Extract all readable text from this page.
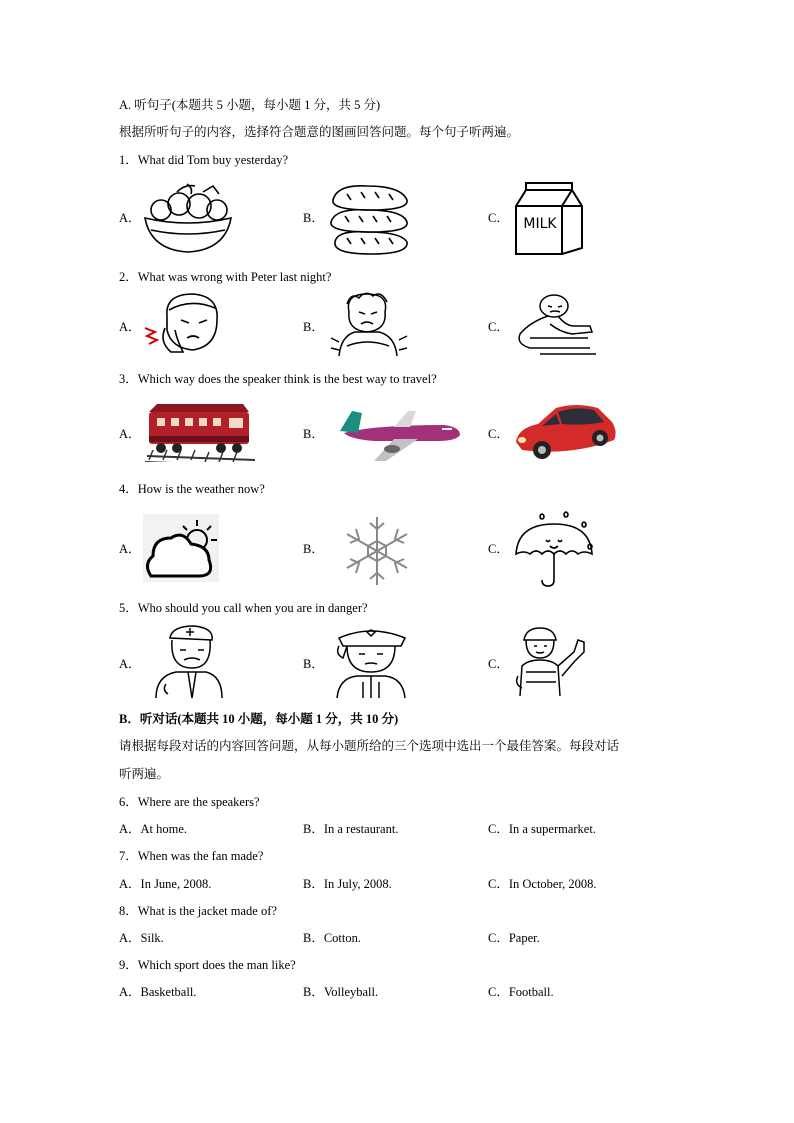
A. 听句子(本题共 5 小题，每小题 1 分，共 5 分)
根据所听句子的内容，选择符合题意的图画回答问题。每个句子听两遍。
1．What did Tom buy yesterday?
A．	B．	C．	MILK
2．What was wrong with Peter last night?
A．	B．	C．
3．Which way does the speaker think is the best way to travel?
A．	B．	C．
4．How is the weather now?
A．	B．	C．
5．Who should you call when you are in danger?
A．	B．	C．
B．听对话(本题共 10 小题，每小题 1 分，共 10 分)
请根据每段对话的内容回答问题，从每小题所给的三个选项中选出一个最佳答案。每段对话
听两遍。
6．Where are the speakers?
A．At home.	B．In a restaurant.	C．In a supermarket.
7．When was the fan made?
A．In June, 2008.	B．In July, 2008.	C．In October, 2008.
8．What is the jacket made of?
A．Silk.	B．Cotton.	C．Paper.
9．Which sport does the man like?
A．Basketball.	B．Volleyball.	C．Football.
